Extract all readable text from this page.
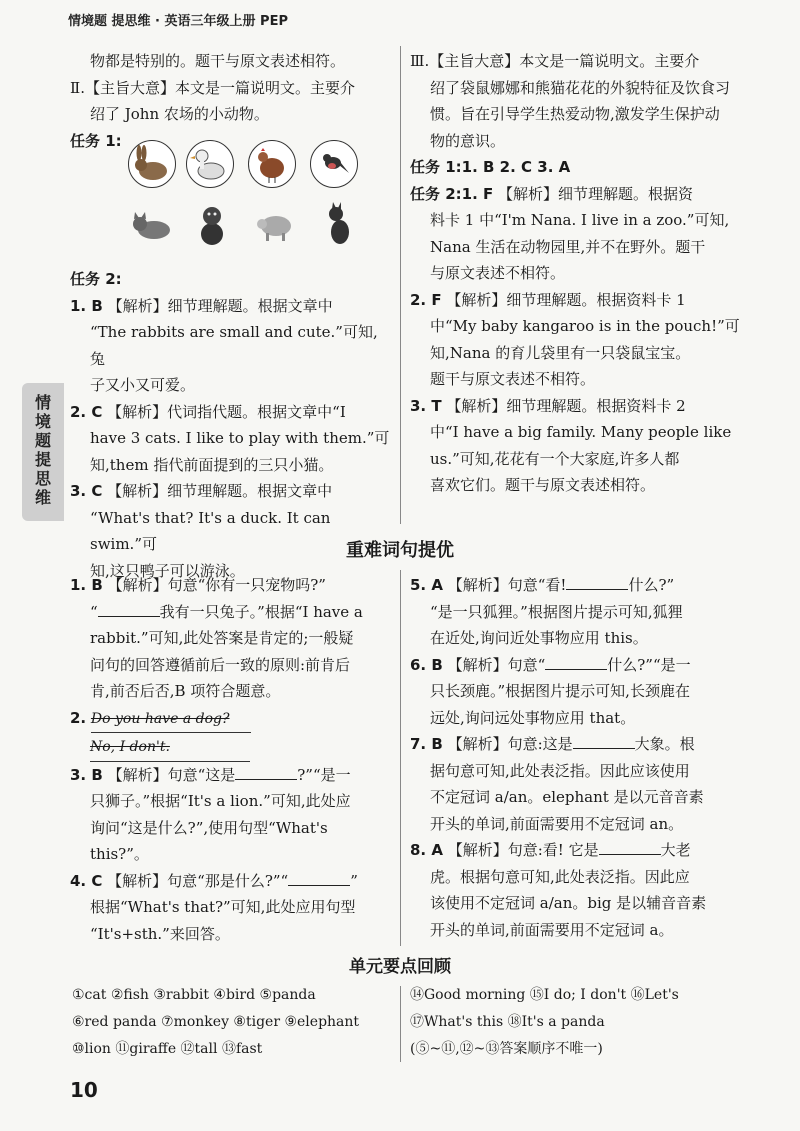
情境题 提思维 · 英语三年级上册 PEP
情境题 提思维

物都是特别的。题干与原文表述相符。

Ⅱ.【主旨大意】本文是一篇说明文。主要介

绍了 John 农场的小动物。

任务 1:

任务 2:

1. B 【解析】细节理解题。根据文章中

“The rabbits are small and cute.”可知,兔

子又小又可爱。

2. C 【解析】代词指代题。根据文章中“I

have 3 cats. I like to play with them.”可

知,them 指代前面提到的三只小猫。

3. C 【解析】细节理解题。根据文章中

“What's that? It's a duck. It can swim.”可

知,这只鸭子可以游泳。

Ⅲ.【主旨大意】本文是一篇说明文。主要介

绍了袋鼠娜娜和熊猫花花的外貌特征及饮食习

惯。旨在引导学生热爱动物,激发学生保护动

物的意识。

任务 1:1. B 2. C 3. A

任务 2:1. F 【解析】细节理解题。根据资

料卡 1 中“I'm Nana. I live in a zoo.”可知,

Nana 生活在动物园里,并不在野外。题干

与原文表述不相符。

2. F 【解析】细节理解题。根据资料卡 1

中“My baby kangaroo is in the pouch!”可

知,Nana 的育儿袋里有一只袋鼠宝宝。

题干与原文表述不相符。

3. T 【解析】细节理解题。根据资料卡 2

中“I have a big family. Many people like

us.”可知,花花有一个大家庭,许多人都

喜欢它们。题干与原文表述相符。

重难词句提优

1. B 【解析】句意“你有一只宠物吗?”

“	我有一只兔子。”根据“I have a

rabbit.”可知,此处答案是肯定的;一般疑

问句的回答遵循前后一致的原则:前肯后

肯,前否后否,B 项符合题意。

2. Do you have a dog?

No, I don't.

3. B 【解析】句意“这是	?”“是一

只狮子。”根据“It's a lion.”可知,此处应

询问“这是什么?”,使用句型“What's

this?”。

4. C 【解析】句意“那是什么?”“	”

根据“What's that?”可知,此处应用句型

“It's+sth.”来回答。

5. A 【解析】句意“看!	什么?”

“是一只狐狸。”根据图片提示可知,狐狸

在近处,询问近处事物应用 this。

6. B 【解析】句意“	什么?”“是一

只长颈鹿。”根据图片提示可知,长颈鹿在

远处,询问远处事物应用 that。

7. B 【解析】句意:这是	大象。根

据句意可知,此处表泛指。因此应该使用

不定冠词 a/an。elephant 是以元音音素

开头的单词,前面需要用不定冠词 an。

8. A 【解析】句意:看! 它是	大老

虎。根据句意可知,此处表泛指。因此应

该使用不定冠词 a/an。big 是以辅音音素

开头的单词,前面需要用不定冠词 a。

单元要点回顾

①cat ②fish ③rabbit ④bird ⑤panda

⑥red panda ⑦monkey ⑧tiger ⑨elephant

⑩lion ⑪giraffe ⑫tall ⑬fast

⑭Good morning ⑮I do; I don't ⑯Let's

⑰What's this ⑱It's a panda

(⑤~⑪,⑫~⑬答案顺序不唯一)

10
